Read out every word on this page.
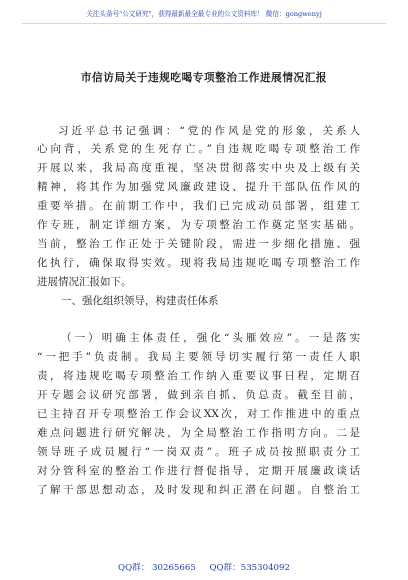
关注头条号"公文研究"，获得最新最全最专业的公文资料库！ 微信：gongwenyj
市信访局关于违规吃喝专项整治工作进展情况汇报
习近平总书记强调：“党的作风是党的形象，关系人
心向背，关系党的生死存亡。”自违规吃喝专项整治工作
开展以来，我局高度重视，坚决贯彻落实中央及上级有关
精神，将其作为加强党风廉政建设、提升干部队伍作风的
重要举措。在前期工作中，我们已完成动员部署，组建工
作专班，制定详细方案，为专项整治工作奠定坚实基础。
当前，整治工作正处于关键阶段，需进一步细化措施、强
化执行，确保取得实效。现将我局违规吃喝专项整治工作
进展情况汇报如下。
一、强化组织领导，构建责任体系
（一）明确主体责任，强化“头雁效应”。一是落实
“一把手”负责制。我局主要领导切实履行第一责任人职
责，将违规吃喝专项整治工作纳入重要议事日程，定期召
开专题会议研究部署，做到亲自抓、负总责。截至目前，
已主持召开专项整治工作会议XX次，对工作推进中的重点
难点问题进行研究解决，为全局整治工作指明方向。二是
领导班子成员履行“一岗双责”。班子成员按照职责分工
对分管科室的整治工作进行督促指导，定期开展廉政谈话
了解干部思想动态，及时发现和纠正潜在问题。自整治工
QQ群： 30265665     QQ群：535304092
